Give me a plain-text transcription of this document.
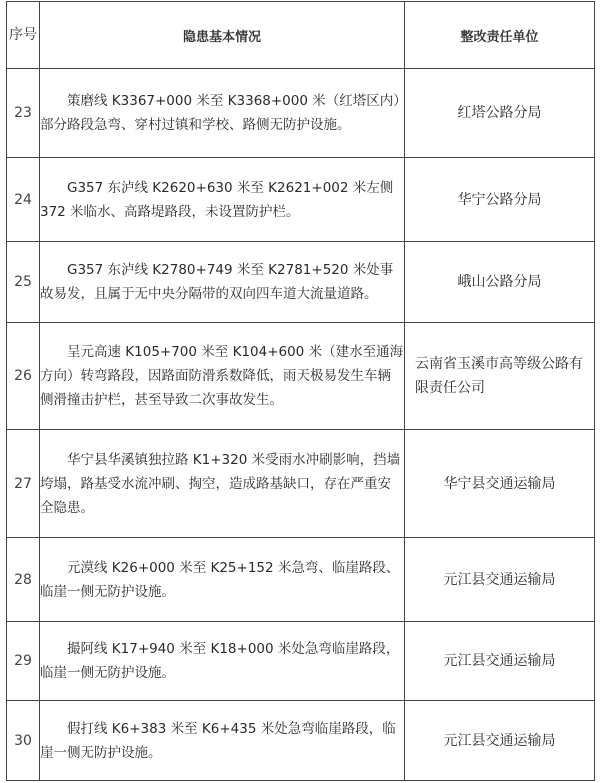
序号	隐患基本情况	整改责任单位
23	策磨线 K3367+000 米至 K3368+000 米（红塔区内）部分路段急弯、穿村过镇和学校、路侧无防护设施。	红塔公路分局
24	G357 东泸线 K2620+630 米至 K2621+002 米左侧 372 米临水、高路堤路段，未设置防护栏。	华宁公路分局
25	G357 东泸线 K2780+749 米至 K2781+520 米处事故易发，且属于无中央分隔带的双向四车道大流量道路。	峨山公路分局
26	呈元高速 K105+700 米至 K104+600 米（建水至通海方向）转弯路段，因路面防滑系数降低，雨天极易发生车辆侧滑撞击护栏，甚至导致二次事故发生。	云南省玉溪市高等级公路有限责任公司
27	华宁县华溪镇独拉路 K1+320 米受雨水冲刷影响，挡墙垮塌，路基受水流冲刷、掏空，造成路基缺口，存在严重安全隐患。	华宁县交通运输局
28	元漠线 K26+000 米至 K25+152 米急弯、临崖路段、临崖一侧无防护设施。	元江县交通运输局
29	撮阿线 K17+940 米至 K18+000 米处急弯临崖路段，临崖一侧无防护设施。	元江县交通运输局
30	假打线 K6+383 米至 K6+435 米处急弯临崖路段，临崖一侧无防护设施。	元江县交通运输局
